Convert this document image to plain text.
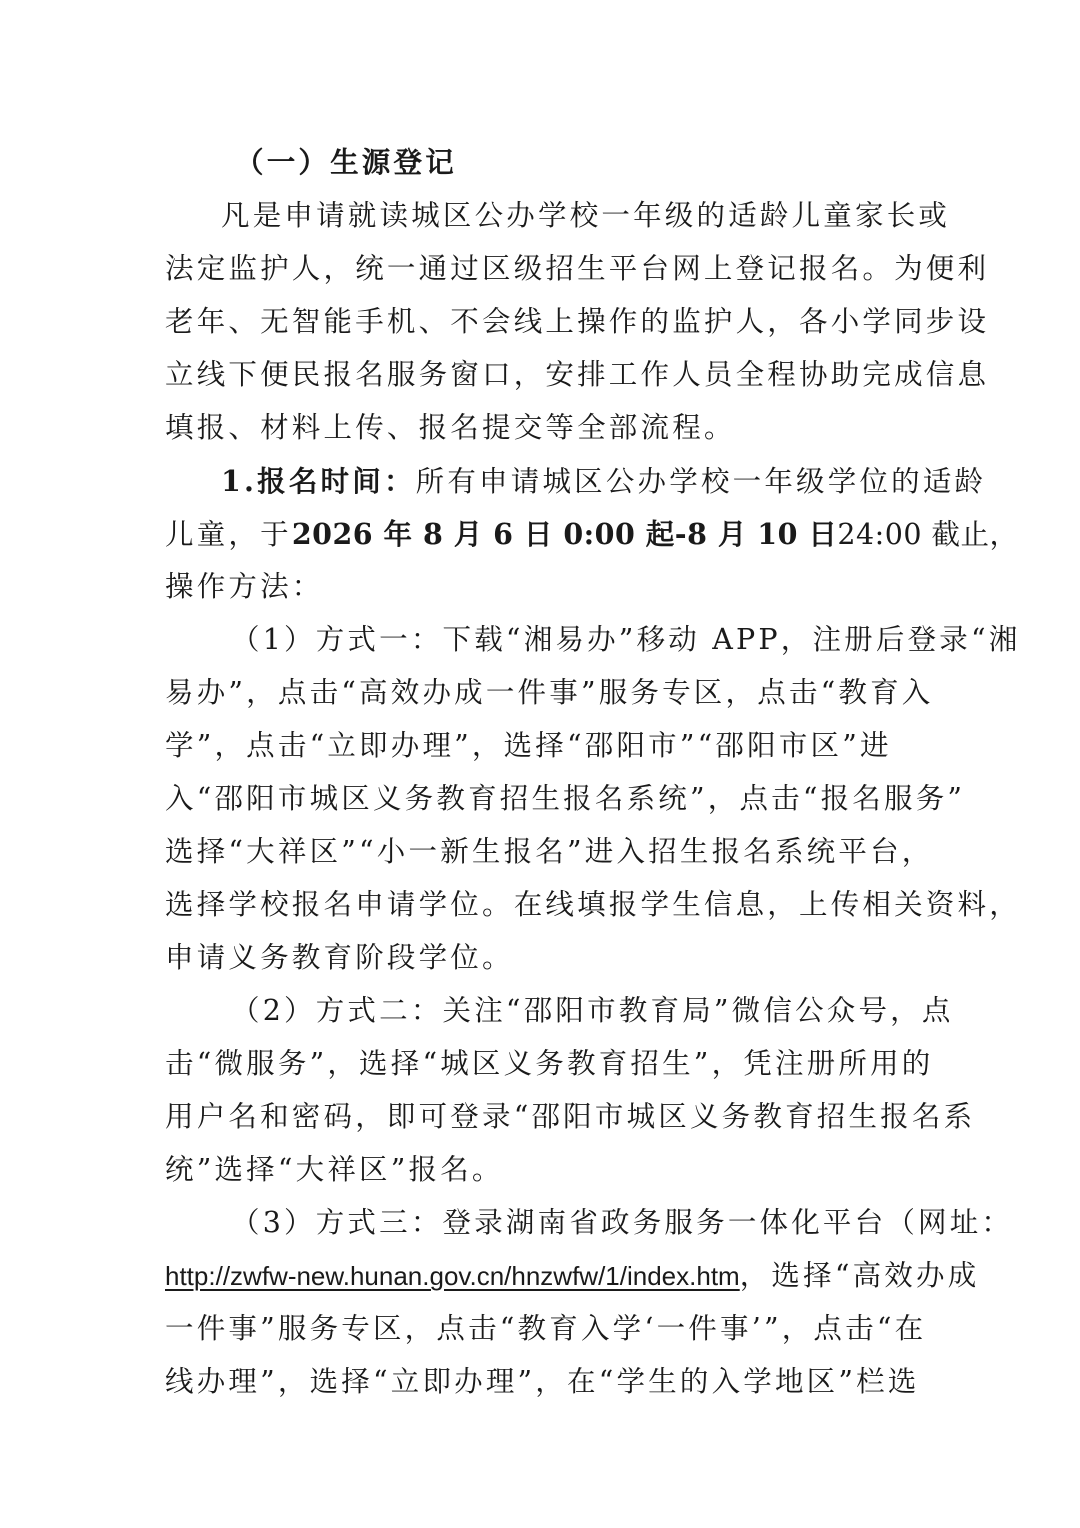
（一）生源登记
凡是申请就读城区公办学校一年级的适龄儿童家长或
法定监护人，统一通过区级招生平台网上登记报名。为便利
老年、无智能手机、不会线上操作的监护人，各小学同步设
立线下便民报名服务窗口，安排工作人员全程协助完成信息
填报、材料上传、报名提交等全部流程。
1.报名时间：所有申请城区公办学校一年级学位的适龄
儿童，于2026 年 8 月 6 日 0:00 起-8 月 10 日24:00 截止，
操作方法：
（1）方式一：下载“湘易办”移动 APP，注册后登录“湘
易办”，点击“高效办成一件事”服务专区，点击“教育入
学”，点击“立即办理”，选择“邵阳市”“邵阳市区”进
入“邵阳市城区义务教育招生报名系统”，点击“报名服务”
选择“大祥区”“小一新生报名”进入招生报名系统平台，
选择学校报名申请学位。在线填报学生信息，上传相关资料，
申请义务教育阶段学位。
（2）方式二：关注“邵阳市教育局”微信公众号，点
击“微服务”，选择“城区义务教育招生”，凭注册所用的
用户名和密码，即可登录“邵阳市城区义务教育招生报名系
统”选择“大祥区”报名。
（3）方式三：登录湖南省政务服务一体化平台（网址：
http://zwfw-new.hunan.gov.cn/hnzwfw/1/index.htm，选择“高效办成
一件事”服务专区，点击“教育入学‘一件事’”，点击“在
线办理”，选择“立即办理”，在“学生的入学地区”栏选
